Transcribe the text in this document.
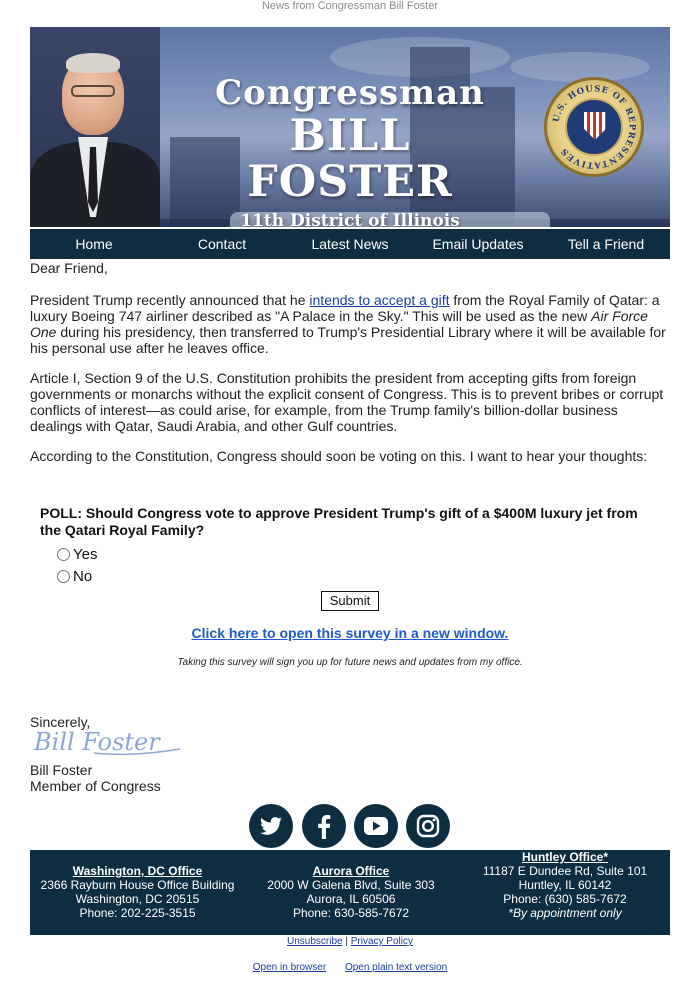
News from Congressman Bill Foster
Congressman
BILL FOSTER
11th District of Illinois
U.S. HOUSE OF REPRESENTATIVES
Home	Contact	Latest News	Email Updates	Tell a Friend

Dear Friend,

President Trump recently announced that he intends to accept a gift from the Royal Family of Qatar: a luxury Boeing 747 airliner described as "A Palace in the Sky." This will be used as the new Air Force One during his presidency, then transferred to Trump's Presidential Library where it will be available for his personal use after he leaves office.

Article I, Section 9 of the U.S. Constitution prohibits the president from accepting gifts from foreign governments or monarchs without the explicit consent of Congress. This is to prevent bribes or corrupt conflicts of interest—as could arise, for example, from the Trump family's billion-dollar business dealings with Qatar, Saudi Arabia, and other Gulf countries.

According to the Constitution, Congress should soon be voting on this. I want to hear your thoughts:

POLL: Should Congress vote to approve President Trump's gift of a $400M luxury jet from the Qatari Royal Family?
Yes
No
Submit
Click here to open this survey in a new window.
Taking this survey will sign you up for future news and updates from my office.
Sincerely,
Bill Foster
Member of Congress
Bill Foster
Washington, DC Office
2366 Rayburn House Office Building
Washington, DC 20515
Phone: 202-225-3515
Aurora Office
2000 W Galena Blvd, Suite 303
Aurora, IL 60506
Phone: 630-585-7672
Huntley Office*
11187 E Dundee Rd, Suite 101
Huntley, IL 60142
Phone: (630) 585-7672
*By appointment only
Unsubscribe | Privacy Policy
Open in browser Open plain text version
